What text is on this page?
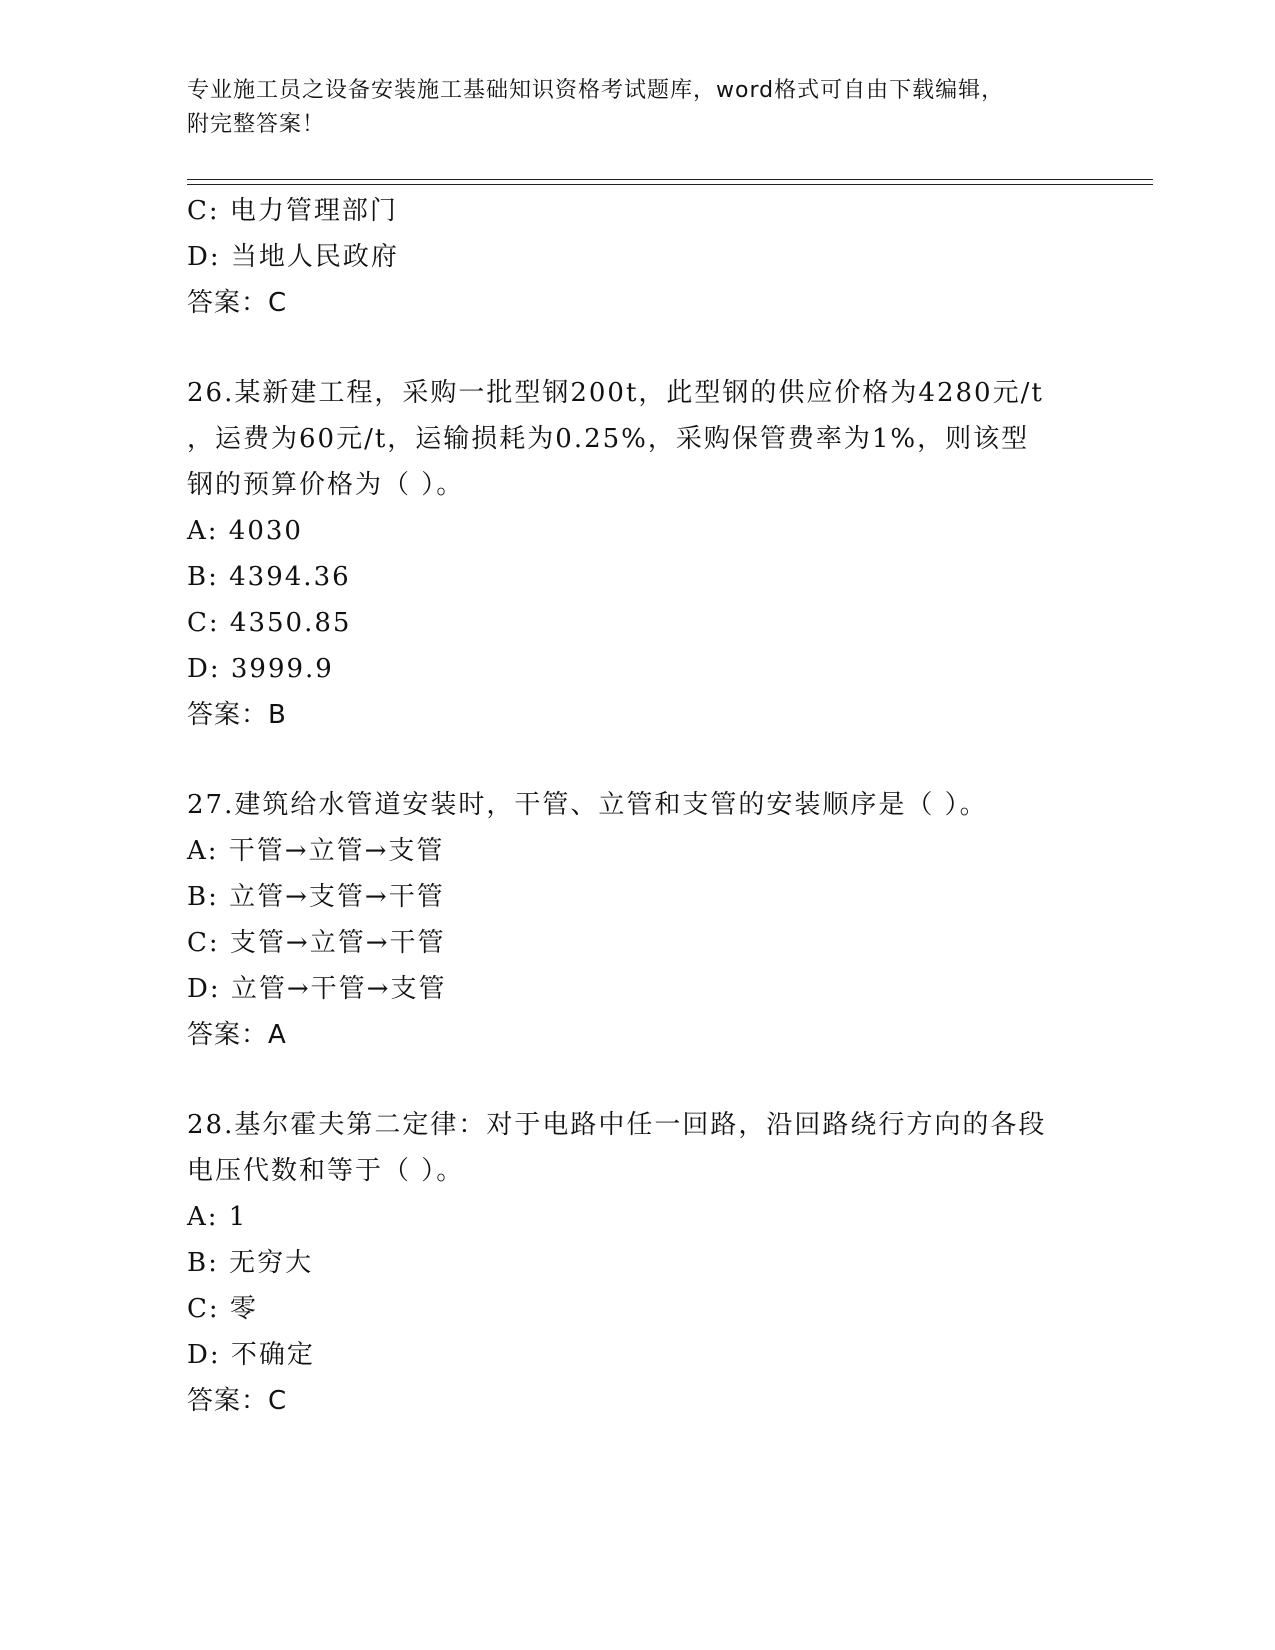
专业施工员之设备安装施工基础知识资格考试题库，word格式可自由下载编辑，
附完整答案！
C: 电力管理部门
D: 当地人民政府
答案：C
26.某新建工程，采购一批型钢200t，此型钢的供应价格为4280元/t
，运费为60元/t，运输损耗为0.25%，采购保管费率为1%，则该型
钢的预算价格为（ ）。
A: 4030
B: 4394.36
C: 4350.85
D: 3999.9
答案：B
27.建筑给水管道安装时，干管、立管和支管的安装顺序是（ ）。
A: 干管→立管→支管
B: 立管→支管→干管
C: 支管→立管→干管
D: 立管→干管→支管
答案：A
28.基尔霍夫第二定律：对于电路中任一回路，沿回路绕行方向的各段
电压代数和等于（ ）。
A: 1
B: 无穷大
C: 零
D: 不确定
答案：C
